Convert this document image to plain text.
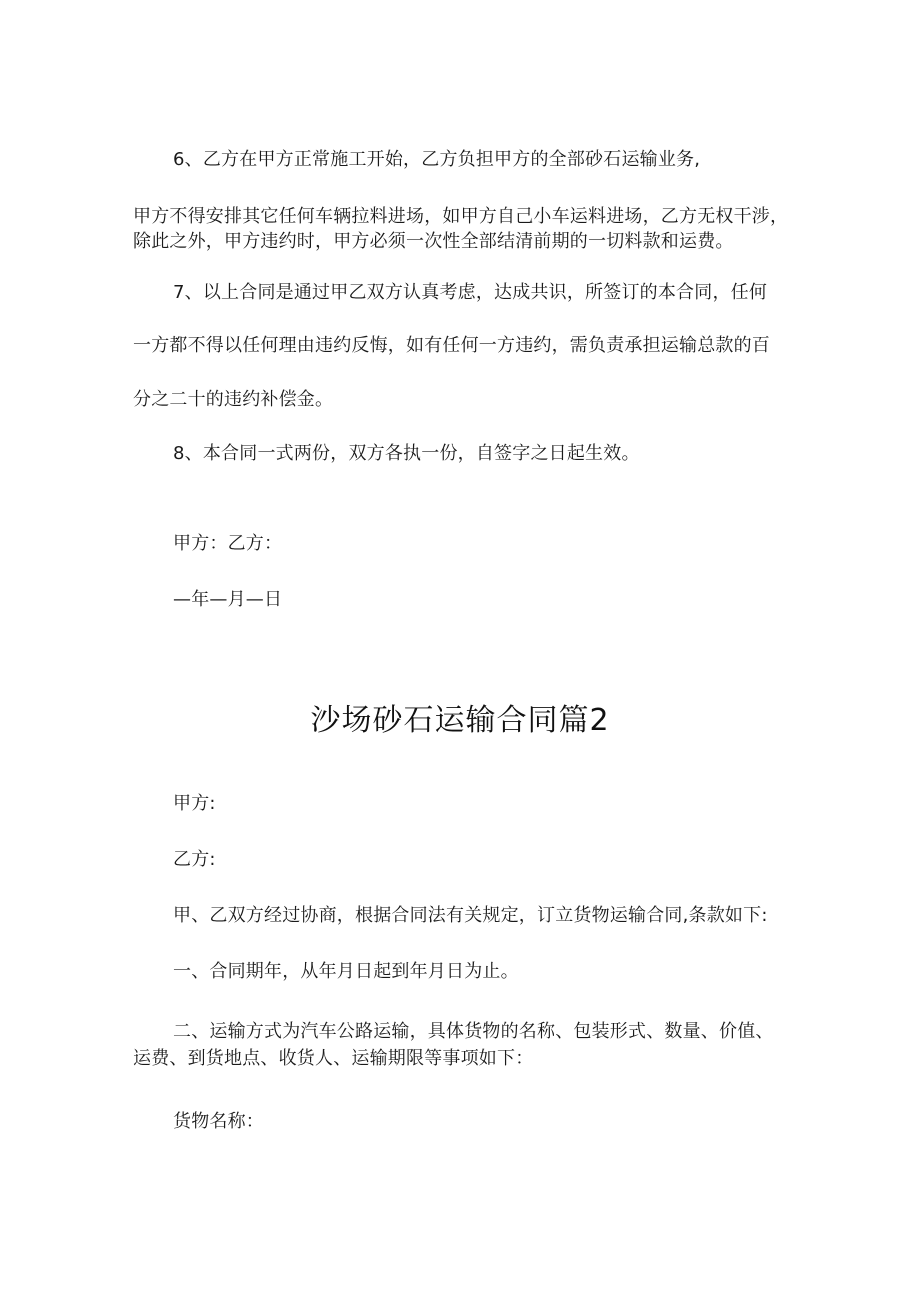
6、乙方在甲方正常施工开始，乙方负担甲方的全部砂石运输业务,
甲方不得安排其它任何车辆拉料进场，如甲方自己小车运料进场，乙方无权干涉，
除此之外，甲方违约时，甲方必须一次性全部结清前期的一切料款和运费。
7、以上合同是通过甲乙双方认真考虑，达成共识，所签订的本合同，任何
一方都不得以任何理由违约反悔，如有任何一方违约，需负责承担运输总款的百
分之二十的违约补偿金。
8、本合同一式两份，双方各执一份，自签字之日起生效。
甲方：乙方：
—年—月—日
沙场砂石运输合同篇2
甲方:
乙方:
甲、乙双方经过协商，根据合同法有关规定，订立货物运输合同,条款如下:
一、合同期年，从年月日起到年月日为止。
二、运输方式为汽车公路运输，具体货物的名称、包装形式、数量、价值、
运费、到货地点、收货人、运输期限等事项如下：
货物名称：
